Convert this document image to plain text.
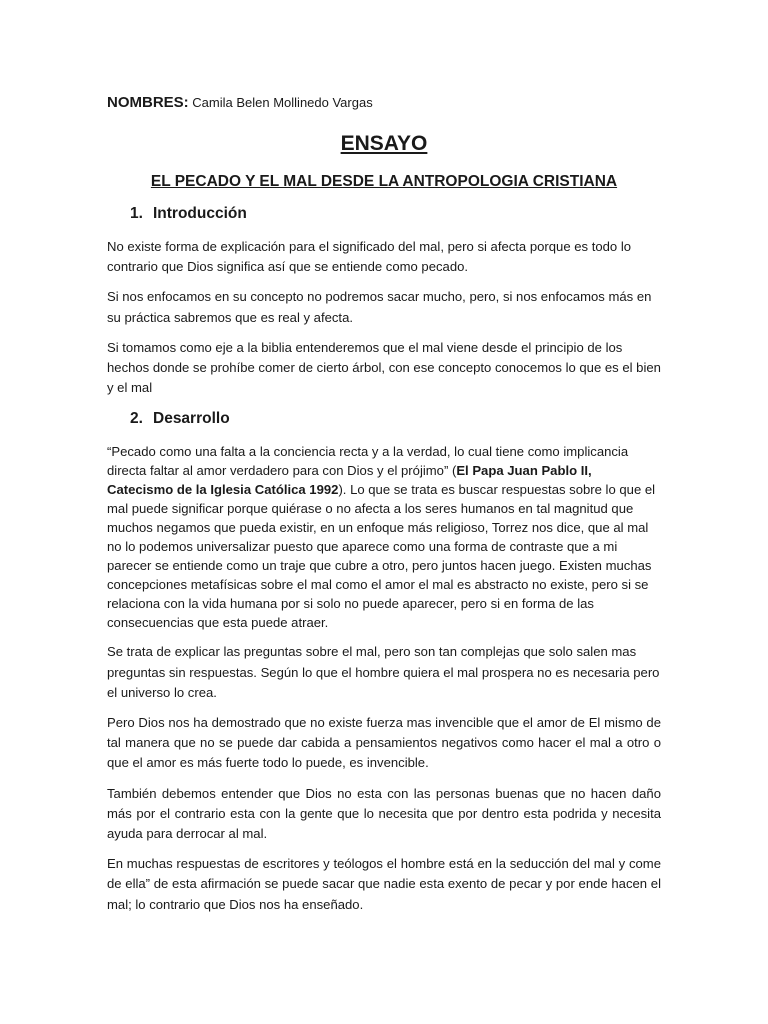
NOMBRES: Camila Belen Mollinedo Vargas
ENSAYO
EL PECADO Y EL MAL DESDE LA ANTROPOLOGIA CRISTIANA
1. Introducción

No existe forma de explicación para el significado del mal, pero si afecta porque es todo lo contrario que Dios significa así que se entiende como pecado.

Si nos enfocamos en su concepto no podremos sacar mucho, pero, si nos enfocamos más en su práctica sabremos que es real y afecta.

Si tomamos como eje a la biblia entenderemos que el mal viene desde el principio de los hechos donde se prohíbe comer de cierto árbol, con ese concepto conocemos lo que es el bien y el mal

2. Desarrollo

“Pecado como una falta a la conciencia recta y a la verdad, lo cual tiene como implicancia directa faltar al amor verdadero para con Dios y el prójimo” (El Papa Juan Pablo II, Catecismo de la Iglesia Católica 1992). Lo que se trata es buscar respuestas sobre lo que el mal puede significar porque quiérase o no afecta a los seres humanos en tal magnitud que muchos negamos que pueda existir, en un enfoque más religioso, Torrez nos dice, que al mal no lo podemos universalizar puesto que aparece como una forma de contraste que a mi parecer se entiende como un traje que cubre a otro, pero juntos hacen juego. Existen muchas concepciones metafísicas sobre el mal como el amor el mal es abstracto no existe, pero si se relaciona con la vida humana por si solo no puede aparecer, pero si en forma de las consecuencias que esta puede atraer.

Se trata de explicar las preguntas sobre el mal, pero son tan complejas que solo salen mas preguntas sin respuestas. Según lo que el hombre quiera el mal prospera no es necesaria pero el universo lo crea.

Pero Dios nos ha demostrado que no existe fuerza mas invencible que el amor de El mismo de tal manera que no se puede dar cabida a pensamientos negativos como hacer el mal a otro o que el amor es más fuerte todo lo puede, es invencible.

También debemos entender que Dios no esta con las personas buenas que no hacen daño más por el contrario esta con la gente que lo necesita que por dentro esta podrida y necesita ayuda para derrocar al mal.

En muchas respuestas de escritores y teólogos el hombre está en la seducción del mal y come de ella” de esta afirmación se puede sacar que nadie esta exento de pecar y por ende hacen el mal; lo contrario que Dios nos ha enseñado.
